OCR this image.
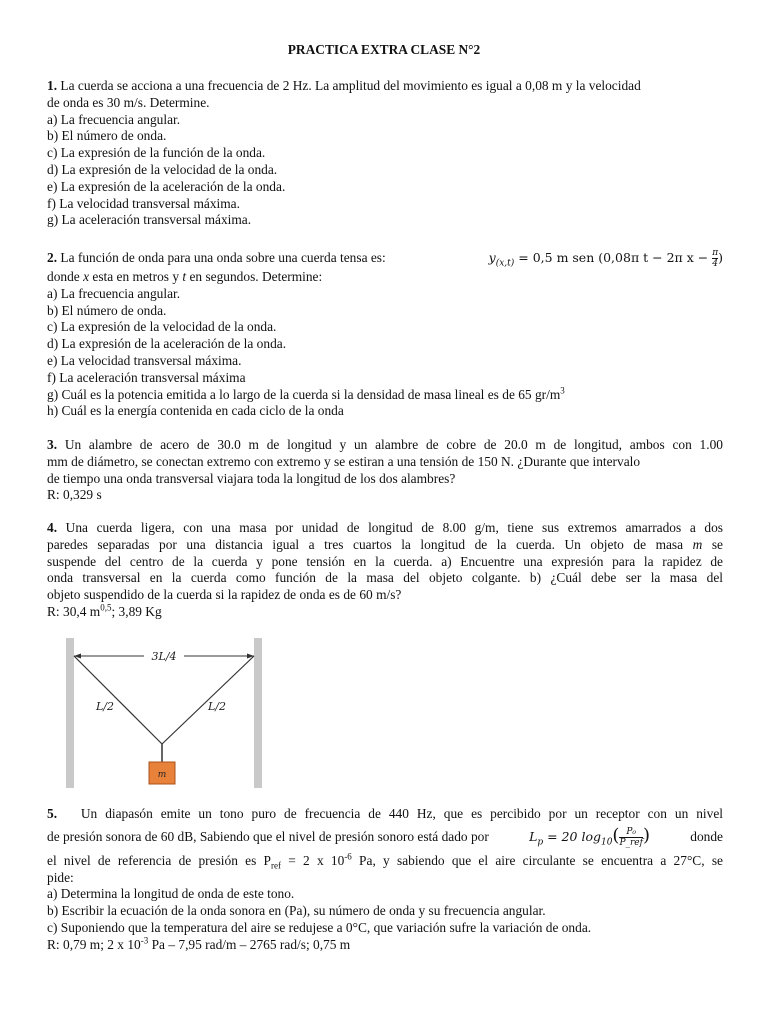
PRACTICA EXTRA CLASE N°2
1. La cuerda se acciona a una frecuencia de 2 Hz. La amplitud del movimiento es igual a 0,08 m y la velocidad
de onda es 30 m/s. Determine.
a) La frecuencia angular.
b) El número de onda.
c) La expresión de la función de la onda.
d) La expresión de la velocidad de la onda.
e) La expresión de la aceleración de la onda.
f) La velocidad transversal máxima.
g) La aceleración transversal máxima.
2. La función de onda para una onda sobre una cuerda tensa es:	$y_{(x,t)} = 0,5$ m sen (0,08π t − 2π $x - \frac{\pi}{4}$ )
donde x esta en metros y t en segundos. Determine:
a) La frecuencia angular.
b) El número de onda.
c) La expresión de la velocidad de la onda.
d) La expresión de la aceleración de la onda.
e) La velocidad transversal máxima.
f) La aceleración transversal máxima
g) Cuál es la potencia emitida a lo largo de la cuerda si la densidad de masa lineal es de 65 $gr/m^3$
h) Cuál es la energía contenida en cada ciclo de la onda
3. Un alambre de acero de 30.0 m de longitud y un alambre de cobre de 20.0 m de longitud, ambos con 1.00
mm de diámetro, se conectan extremo con extremo y se estiran a una tensión de 150 N. ¿Durante que intervalo
de tiempo una onda transversal viajara toda la longitud de los dos alambres?
R: 0,329 s
4. Una cuerda ligera, con una masa por unidad de longitud de 8.00 g/m, tiene sus extremos amarrados a dos
paredes separadas por una distancia igual a tres cuartos la longitud de la cuerda. Un objeto de masa m se
suspende del centro de la cuerda y pone tensión en la cuerda. a) Encuentre una expresión para la rapidez de
onda transversal en la cuerda como función de la masa del objeto colgante. b) ¿Cuál debe ser la masa del
objeto suspendido de la cuerda si la rapidez de onda es de 60 m/s?
R: 30,4 $m^{0,5}$; 3,89 Kg
3L/4
L/2	L/2
m
5. Un diapasón emite un tono puro de frecuencia de 440 Hz, que es percibido por un receptor con un nivel
de presión sonora de 60 dB, Sabiendo que el nivel de presión sonoro está dado por	$L_p = 20$ $\log_{10}( \frac{\text{P₀}}{\text{P\_ref}}$ )	donde
el nivel de referencia de presión es $P_{ref} = 2$ x $10^{-6}$ Pa, y sabiendo que el aire circulante se encuentra a 27°C, se
pide:
a) Determina la longitud de onda de este tono.
b) Escribir la ecuación de la onda sonora en (Pa), su número de onda y su frecuencia angular.
c) Suponiendo que la temperatura del aire se redujese a 0°C, que variación sufre la variación de onda.
R: 0,79 m; 2 x $10^{-3}$ Pa – 7,95 rad/m – 2765 rad/s; 0,75 m
